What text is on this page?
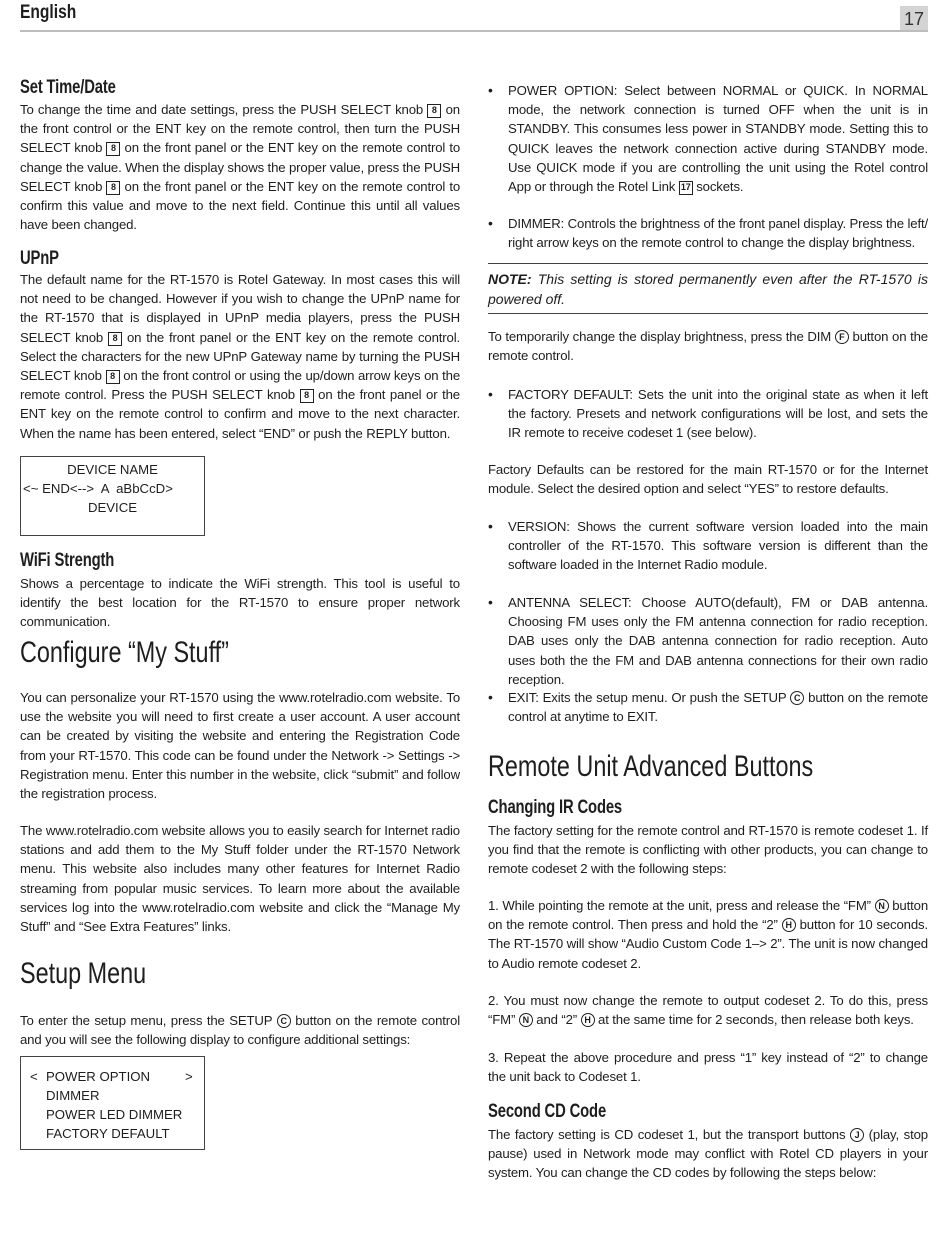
English	17
Set Time/Date
To change the time and date settings, press the PUSH SELECT knob 8 on the front control or the ENT key on the remote control, then turn the PUSH SELECT knob 8 on the front panel or the ENT key on the remote control to change the value. When the display shows the proper value, press the PUSH SELECT knob 8 on the front panel or the ENT key on the remote control to confirm this value and move to the next field. Continue this until all values have been changed.
UPnP
The default name for the RT-1570 is Rotel Gateway. In most cases this will not need to be changed. However if you wish to change the UPnP name for the RT-1570 that is displayed in UPnP media players, press the PUSH SELECT knob 8 on the front panel or the ENT key on the remote control. Select the characters for the new UPnP Gateway name by turning the PUSH SELECT knob 8 on the front control or using the up/down arrow keys on the remote control. Press the PUSH SELECT knob 8 on the front panel or the ENT key on the remote control to confirm and move to the next character. When the name has been entered, select “END” or push the REPLY button.
DEVICE NAME
<~ END<-->  A  aBbCcD>
DEVICE
WiFi Strength
Shows a percentage to indicate the WiFi strength. This tool is useful to identify the best location for the RT-1570 to ensure proper network communication.
Configure “My Stuff”
You can personalize your RT-1570 using the www.rotelradio.com website. To use the website you will need to first create a user account. A user account can be created by visiting the website and entering the Registration Code from your RT-1570. This code can be found under the Network -> Settings -> Registration menu. Enter this number in the website, click “submit” and follow the registration process.
The www.rotelradio.com website allows you to easily search for Internet radio stations and add them to the My Stuff folder under the RT-1570 Network menu. This website also includes many other features for Internet Radio streaming from popular music services. To learn more about the available services log into the www.rotelradio.com website and click the “Manage My Stuff” and “See Extra Features” links.
Setup Menu
To enter the setup menu, press the SETUP C button on the remote control and you will see the following display to configure additional settings:
< POWER OPTION	>
DIMMER
POWER LED DIMMER
FACTORY DEFAULT
• POWER OPTION: Select between NORMAL or QUICK. In NORMAL mode, the network connection is turned OFF when the unit is in STANDBY. This consumes less power in STANDBY mode. Setting this to QUICK leaves the network connection active during STANDBY mode. Use QUICK mode if you are controlling the unit using the Rotel control App or through the Rotel Link 17 sockets.
• DIMMER: Controls the brightness of the front panel display. Press the left/ right arrow keys on the remote control to change the display brightness.
NOTE: This setting is stored permanently even after the RT-1570 is powered off.
To temporarily change the display brightness, press the DIM F button on the remote control.
• FACTORY DEFAULT: Sets the unit into the original state as when it left the factory. Presets and network configurations will be lost, and sets the IR remote to receive codeset 1 (see below).
Factory Defaults can be restored for the main RT-1570 or for the Internet module. Select the desired option and select “YES” to restore defaults.
• VERSION: Shows the current software version loaded into the main controller of the RT-1570. This software version is different than the software loaded in the Internet Radio module.
• ANTENNA SELECT: Choose AUTO(default), FM or DAB antenna. Choosing FM uses only the FM antenna connection for radio reception. DAB uses only the DAB antenna connection for radio reception. Auto uses both the the FM and DAB antenna connections for their own radio reception.
• EXIT: Exits the setup menu. Or push the SETUP C button on the remote control at anytime to EXIT.
Remote Unit Advanced Buttons
Changing IR Codes
The factory setting for the remote control and RT-1570 is remote codeset 1. If you find that the remote is conflicting with other products, you can change to remote codeset 2 with the following steps:
1. While pointing the remote at the unit, press and release the “FM” N button on the remote control. Then press and hold the “2” H button for 10 seconds. The RT-1570 will show “Audio Custom Code 1–> 2”. The unit is now changed to Audio remote codeset 2.
2. You must now change the remote to output codeset 2. To do this, press “FM” N and “2” H at the same time for 2 seconds, then release both keys.
3. Repeat the above procedure and press “1” key instead of “2” to change the unit back to Codeset 1.
Second CD Code
The factory setting is CD codeset 1, but the transport buttons J (play, stop pause) used in Network mode may conflict with Rotel CD players in your system. You can change the CD codes by following the steps below:
